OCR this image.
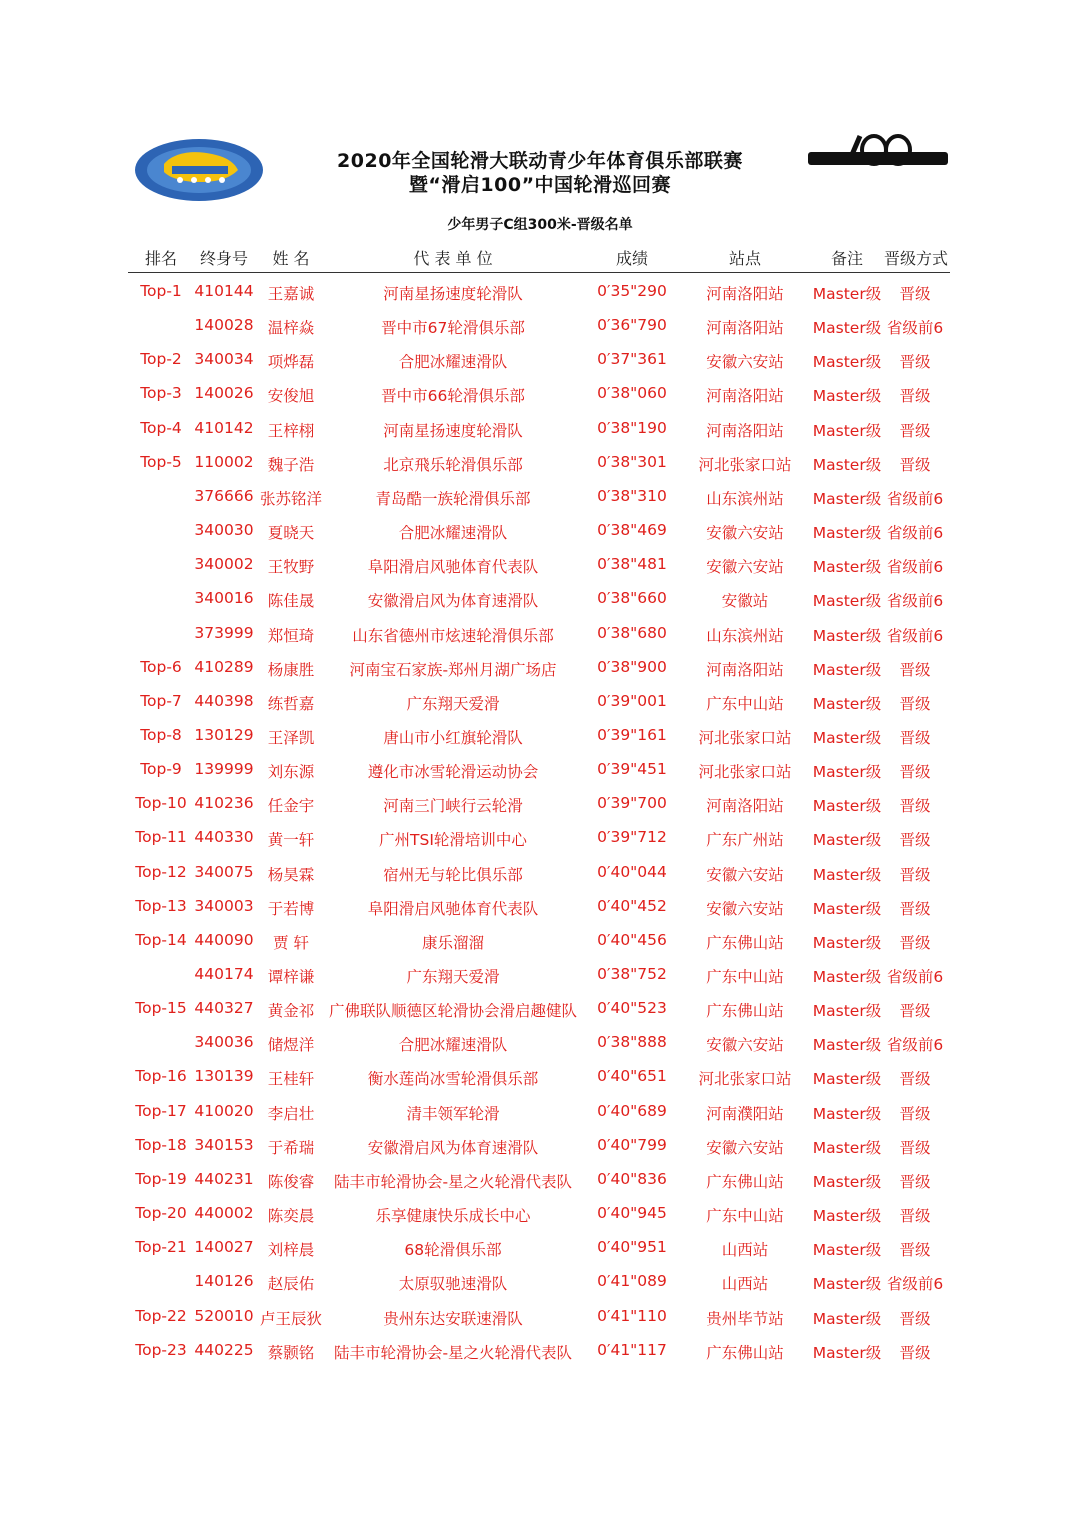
2020年全国轮滑大联动青少年体育俱乐部联赛
暨“滑启100”中国轮滑巡回赛
少年男子C组300米-晋级名单
排名	终身号	姓 名	代 表 单 位	成绩	站点	备注	晋级方式
Top-1 410144 王嘉诚	河南星扬速度轮滑队	0′35"290	河南洛阳站	Master级	晋级
140028 温梓焱	晋中市67轮滑俱乐部	0′36"790	河南洛阳站	Master级 省级前6
Top-2 340034 项烨磊	合肥冰耀速滑队	0′37"361	安徽六安站	Master级	晋级
Top-3 140026 安俊旭	晋中市66轮滑俱乐部	0′38"060	河南洛阳站	Master级	晋级
Top-4 410142 王梓栩	河南星扬速度轮滑队	0′38"190	河南洛阳站	Master级	晋级
Top-5 110002 魏子浩	北京飛乐轮滑俱乐部	0′38"301	河北张家口站	Master级	晋级
376666 张苏铭洋	青岛酷一族轮滑俱乐部	0′38"310	山东滨州站	Master级 省级前6
340030 夏晓天	合肥冰耀速滑队	0′38"469	安徽六安站	Master级 省级前6
340002 王牧野	阜阳滑启风驰体育代表队	0′38"481	安徽六安站	Master级 省级前6
340016 陈佳晟	安徽滑启风为体育速滑队	0′38"660	安徽站	Master级 省级前6
373999 郑恒琦	山东省德州市炫速轮滑俱乐部	0′38"680	山东滨州站	Master级 省级前6
Top-6 410289 杨康胜	河南宝石家族-郑州月湖广场店	0′38"900	河南洛阳站	Master级	晋级
Top-7 440398 练哲嘉	广东翔天爱滑	0′39"001	广东中山站	Master级	晋级
Top-8 130129 王泽凯	唐山市小红旗轮滑队	0′39"161	河北张家口站	Master级	晋级
Top-9 139999 刘东源	遵化市冰雪轮滑运动协会	0′39"451	河北张家口站	Master级	晋级
Top-10 410236 任金宇	河南三门峡行云轮滑	0′39"700	河南洛阳站	Master级	晋级
Top-11 440330 黄一轩	广州TSI轮滑培训中心	0′39"712	广东广州站	Master级	晋级
Top-12 340075 杨昊霖	宿州无与轮比俱乐部	0′40"044	安徽六安站	Master级	晋级
Top-13 340003 于若博	阜阳滑启风驰体育代表队	0′40"452	安徽六安站	Master级	晋级
Top-14 440090	贾 轩	康乐溜溜	0′40"456	广东佛山站	Master级	晋级
440174 谭梓谦	广东翔天爱滑	0′38"752	广东中山站	Master级 省级前6
Top-15 440327 黄金祁 广佛联队顺德区轮滑协会滑启趣健队	0′40"523	广东佛山站	Master级	晋级
340036 储煜洋	合肥冰耀速滑队	0′38"888	安徽六安站	Master级 省级前6
Top-16 130139 王桂轩	衡水莲尚冰雪轮滑俱乐部	0′40"651	河北张家口站	Master级	晋级
Top-17 410020 李启壮	清丰领军轮滑	0′40"689	河南濮阳站	Master级	晋级
Top-18 340153 于希瑞	安徽滑启风为体育速滑队	0′40"799	安徽六安站	Master级	晋级
Top-19 440231 陈俊睿	陆丰市轮滑协会-星之火轮滑代表队	0′40"836	广东佛山站	Master级	晋级
Top-20 440002 陈奕晨	乐享健康快乐成长中心	0′40"945	广东中山站	Master级	晋级
Top-21 140027 刘梓晨	68轮滑俱乐部	0′40"951	山西站	Master级	晋级
140126 赵辰佑	太原驭驰速滑队	0′41"089	山西站	Master级 省级前6
Top-22 520010 卢王辰狄	贵州东达安联速滑队	0′41"110	贵州毕节站	Master级	晋级
Top-23 440225 蔡颢铭	陆丰市轮滑协会-星之火轮滑代表队	0′41"117	广东佛山站	Master级	晋级
